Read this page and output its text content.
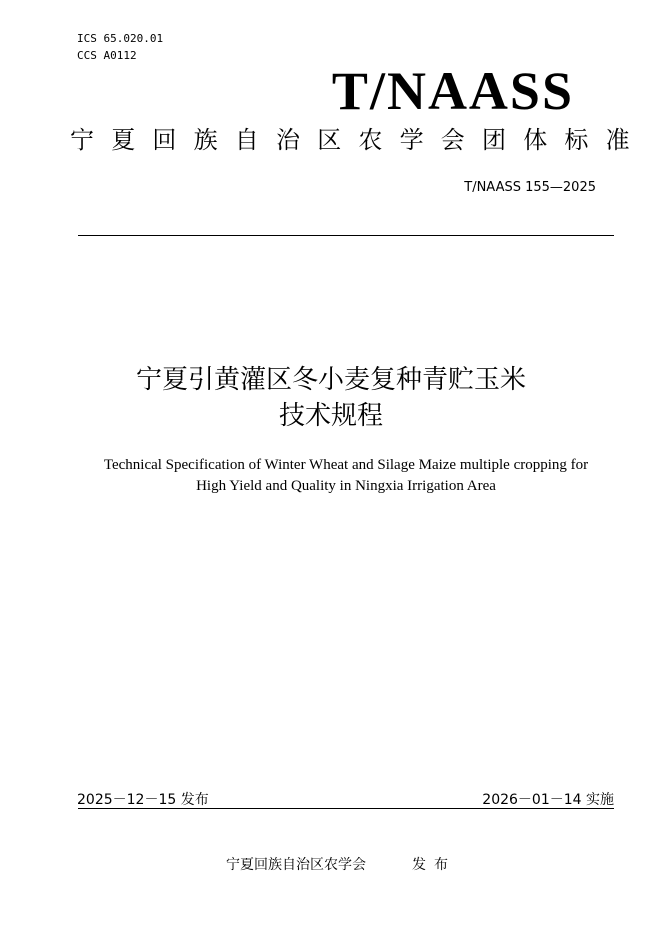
ICS 65.020.01
CCS A0112
T/NAASS
宁夏回族自治区农学会团体标准
T/NAASS 155—2025
宁夏引黄灌区冬小麦复种青贮玉米
技术规程
Technical Specification of Winter Wheat and Silage Maize multiple cropping for
High Yield and Quality in Ningxia Irrigation Area
2025－12－15 发布	2026－01－14 实施
宁夏回族自治区农学会	发布
